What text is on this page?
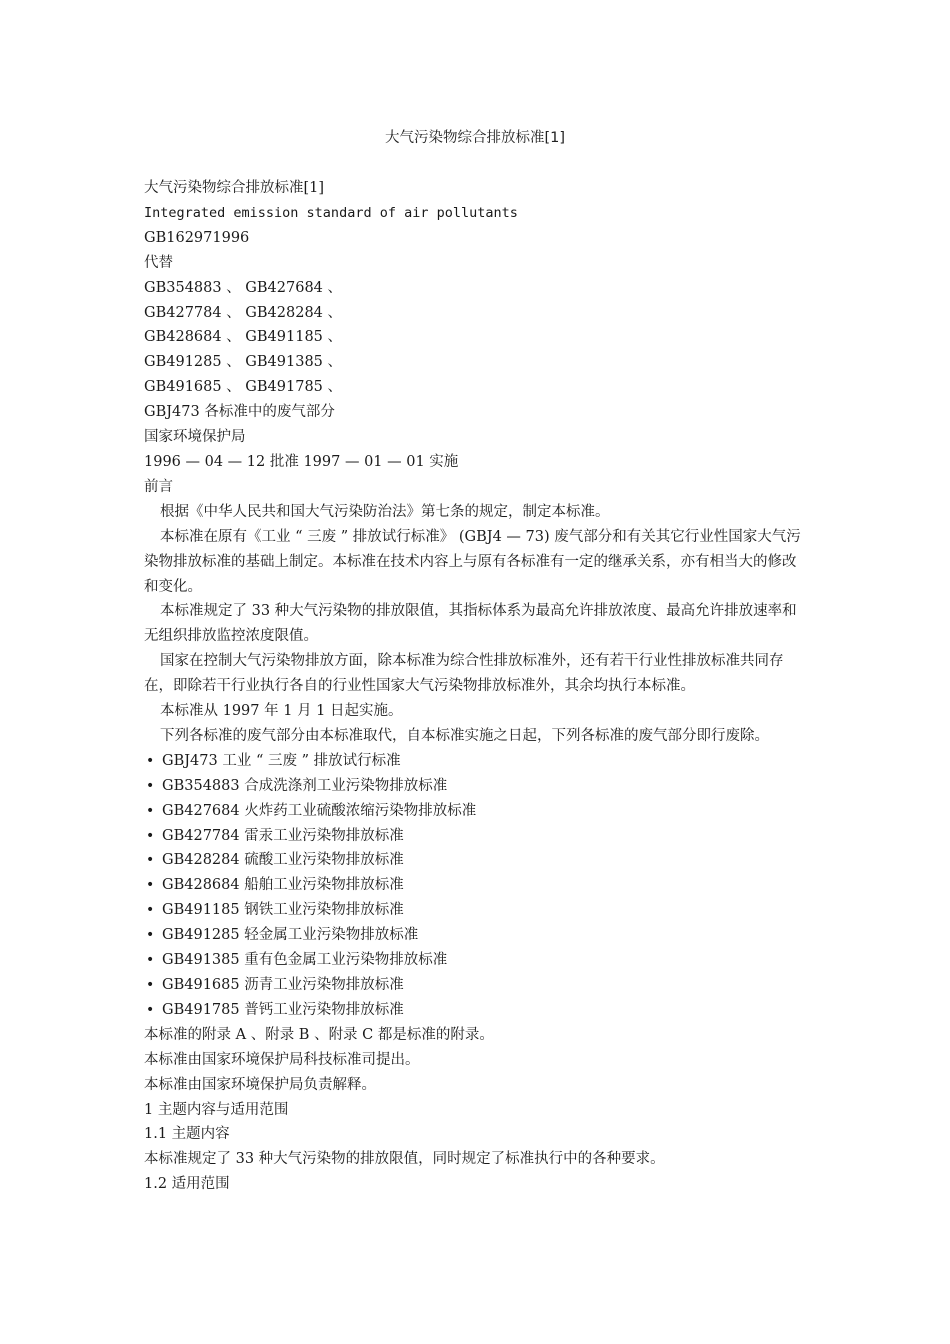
大气污染物综合排放标准[1]
大气污染物综合排放标准[1]
Integrated emission standard of air pollutants
GB162971996
代替
GB354883 、 GB427684 、
GB427784 、 GB428284 、
GB428684 、 GB491185 、
GB491285 、 GB491385 、
GB491685 、 GB491785 、
GBJ473 各标准中的废气部分
国家环境保护局
1996 — 04 — 12 批准 1997 — 01 — 01 实施
前言

根据《中华人民共和国大气污染防治法》第七条的规定，制定本标准。

本标准在原有《工业 “ 三废 ” 排放试行标准》 (GBJ4 — 73) 废气部分和有关其它行业性国家大气污染物排放标准的基础上制定。本标准在技术内容上与原有各标准有一定的继承关系，亦有相当大的修改和变化。

本标准规定了 33 种大气污染物的排放限值，其指标体系为最高允许排放浓度、最高允许排放速率和无组织排放监控浓度限值。

国家在控制大气污染物排放方面，除本标准为综合性排放标准外，还有若干行业性排放标准共同存在，即除若干行业执行各自的行业性国家大气污染物排放标准外，其余均执行本标准。

本标准从 1997 年 1 月 1 日起实施。

下列各标准的废气部分由本标准取代，自本标准实施之日起，下列各标准的废气部分即行废除。

• GBJ473 工业 “ 三废 ” 排放试行标准
• GB354883 合成洗涤剂工业污染物排放标准
• GB427684 火炸药工业硫酸浓缩污染物排放标准
• GB427784 雷汞工业污染物排放标准
• GB428284 硫酸工业污染物排放标准
• GB428684 船舶工业污染物排放标准
• GB491185 钢铁工业污染物排放标准
• GB491285 轻金属工业污染物排放标准
• GB491385 重有色金属工业污染物排放标准
• GB491685 沥青工业污染物排放标准
• GB491785 普钙工业污染物排放标准
本标准的附录 A 、附录 B 、附录 C 都是标准的附录。
本标准由国家环境保护局科技标准司提出。
本标准由国家环境保护局负责解释。
1 主题内容与适用范围
1.1 主题内容
本标准规定了 33 种大气污染物的排放限值，同时规定了标准执行中的各种要求。
1.2 适用范围
